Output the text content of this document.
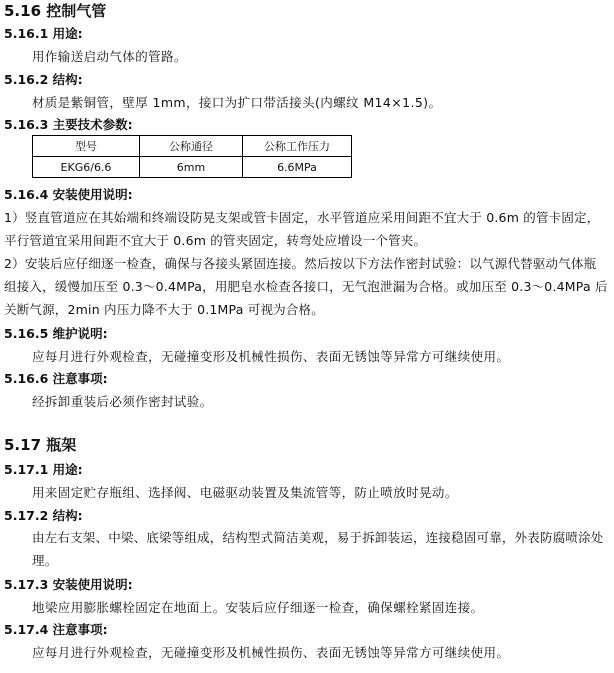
5.16 控制气管
5.16.1 用途:
用作输送启动气体的管路。
5.16.2 结构:
材质是紫铜管，壁厚 1mm，接口为扩口带活接头(内螺纹 M14×1.5)。
5.16.3 主要技术参数:
型号	公称通径	公称工作压力
EKG6/6.6	6mm	6.6MPa
5.16.4 安装使用说明:
1）竖直管道应在其始端和终端设防晃支架或管卡固定，水平管道应采用间距不宜大于 0.6m 的管卡固定，平行管道宜采用间距不宜大于 0.6m 的管夹固定，转弯处应增设一个管夹。
2）安装后应仔细逐一检查，确保与各接头紧固连接。然后按以下方法作密封试验：以气源代替驱动气体瓶组接入，缓慢加压至 0.3～0.4MPa，用肥皂水检查各接口，无气泡泄漏为合格。或加压至 0.3～0.4MPa 后关断气源，2min 内压力降不大于 0.1MPa 可视为合格。
5.16.5 维护说明:
应每月进行外观检查，无碰撞变形及机械性损伤、表面无锈蚀等异常方可继续使用。
5.16.6 注意事项:
经拆卸重装后必须作密封试验。
5.17 瓶架
5.17.1 用途:
用来固定贮存瓶组、选择阀、电磁驱动装置及集流管等，防止喷放时晃动。
5.17.2 结构:
由左右支架、中梁、底梁等组成，结构型式简洁美观，易于拆卸装运，连接稳固可靠，外表防腐喷涂处理。
5.17.3 安装使用说明:
地梁应用膨胀螺栓固定在地面上。安装后应仔细逐一检查，确保螺栓紧固连接。
5.17.4 注意事项:
应每月进行外观检查，无碰撞变形及机械性损伤、表面无锈蚀等异常方可继续使用。
